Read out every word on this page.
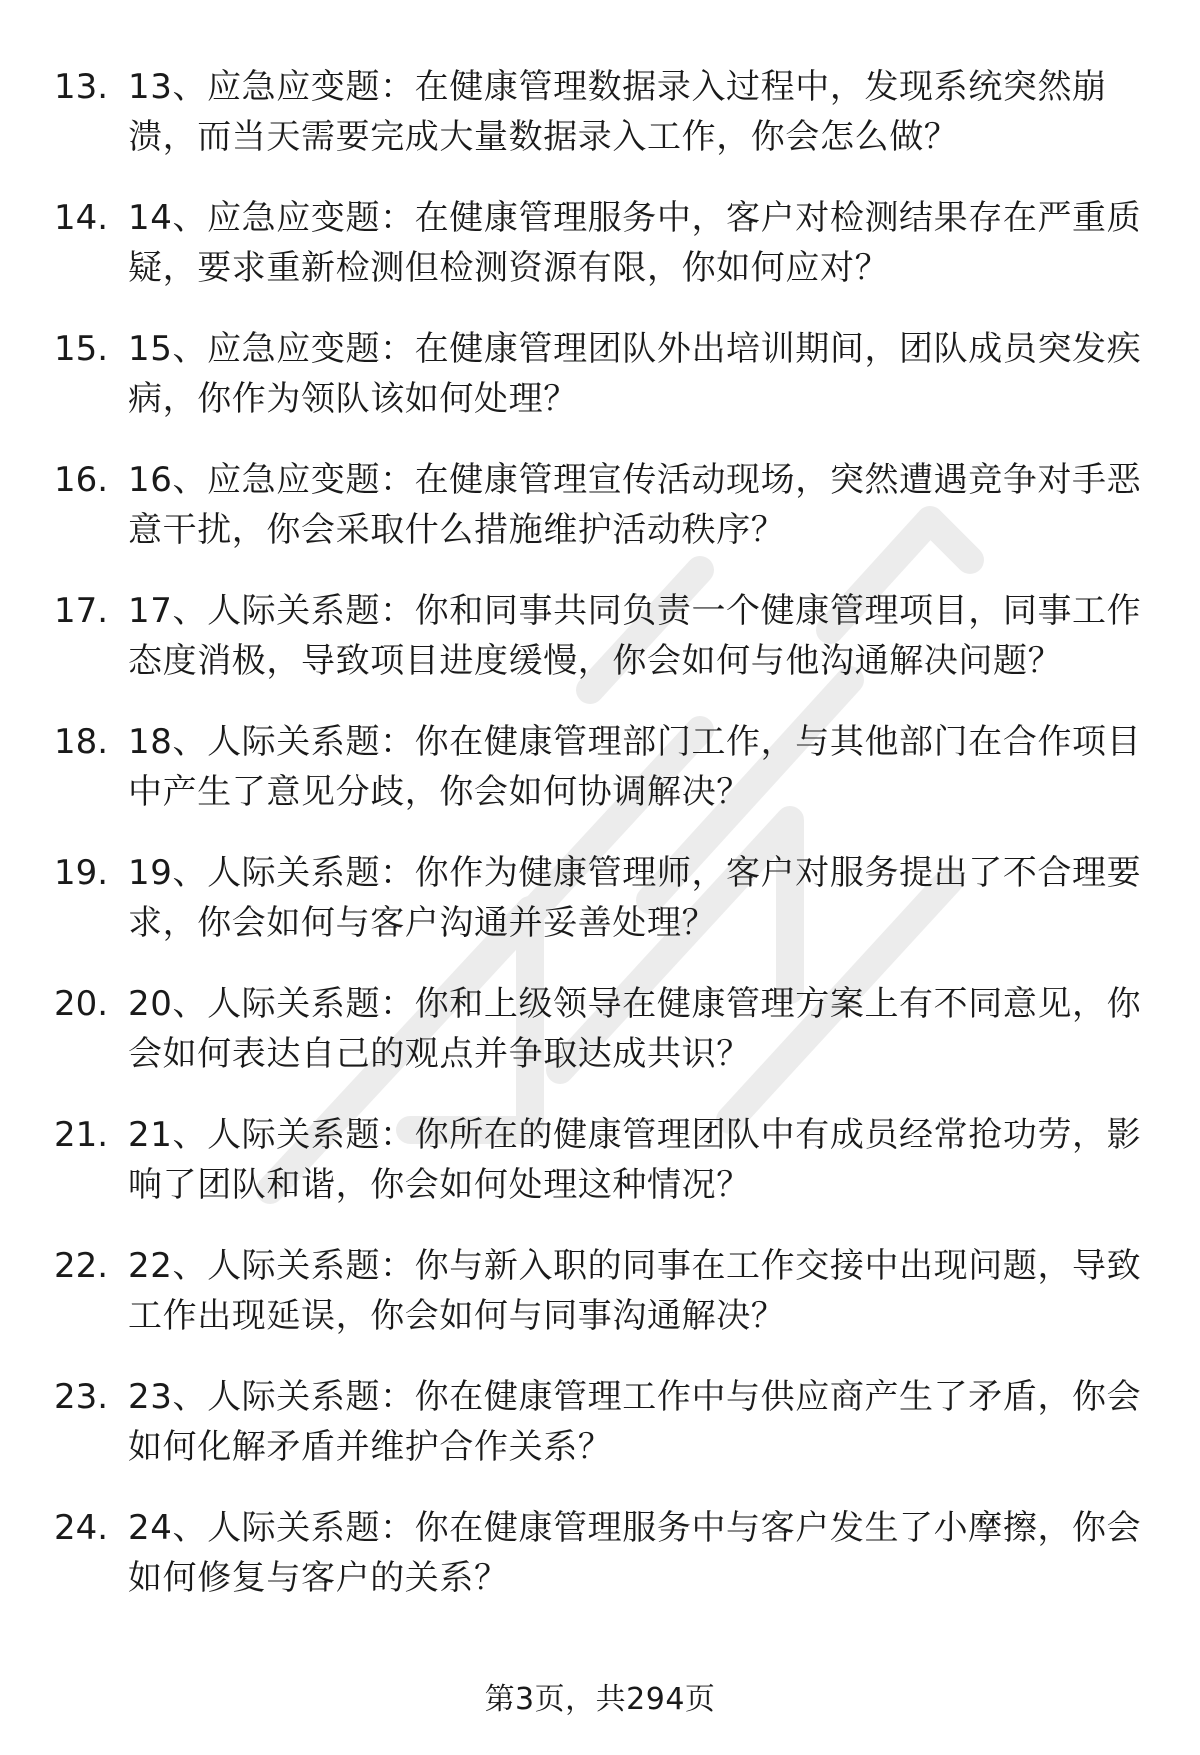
13. 13、应急应变题：在健康管理数据录入过程中，发现系统突然崩溃，而当天需要完成大量数据录入工作，你会怎么做？
14. 14、应急应变题：在健康管理服务中，客户对检测结果存在严重质疑，要求重新检测但检测资源有限，你如何应对？
15. 15、应急应变题：在健康管理团队外出培训期间，团队成员突发疾病，你作为领队该如何处理？
16. 16、应急应变题：在健康管理宣传活动现场，突然遭遇竞争对手恶意干扰，你会采取什么措施维护活动秩序？
17. 17、人际关系题：你和同事共同负责一个健康管理项目，同事工作态度消极，导致项目进度缓慢，你会如何与他沟通解决问题？
18. 18、人际关系题：你在健康管理部门工作，与其他部门在合作项目中产生了意见分歧，你会如何协调解决？
19. 19、人际关系题：你作为健康管理师，客户对服务提出了不合理要求，你会如何与客户沟通并妥善处理？
20. 20、人际关系题：你和上级领导在健康管理方案上有不同意见，你会如何表达自己的观点并争取达成共识？
21. 21、人际关系题：你所在的健康管理团队中有成员经常抢功劳，影响了团队和谐，你会如何处理这种情况？
22. 22、人际关系题：你与新入职的同事在工作交接中出现问题，导致工作出现延误，你会如何与同事沟通解决？
23. 23、人际关系题：你在健康管理工作中与供应商产生了矛盾，你会如何化解矛盾并维护合作关系？
24. 24、人际关系题：你在健康管理服务中与客户发生了小摩擦，你会如何修复与客户的关系？
第3页，共294页
